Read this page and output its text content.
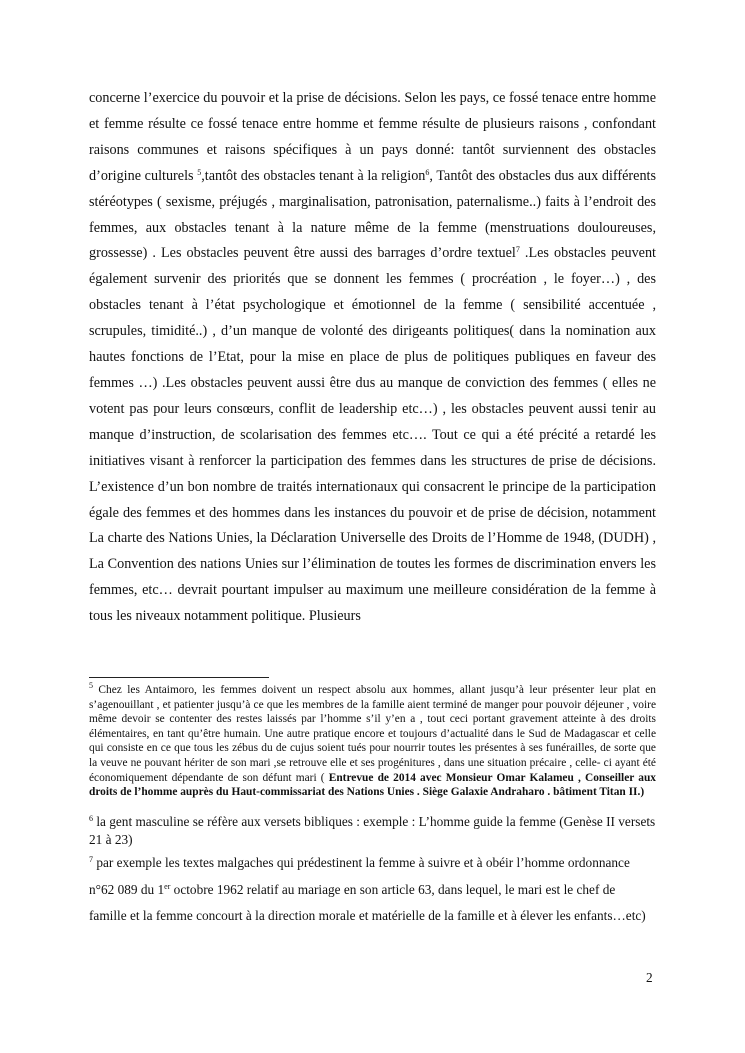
concerne l’exercice du pouvoir et la prise de décisions. Selon les pays, ce fossé tenace entre homme et femme résulte ce fossé tenace entre homme et femme résulte de plusieurs raisons , confondant raisons communes et raisons spécifiques à un pays donné: tantôt surviennent des obstacles d’origine culturels $^5$,tantôt des obstacles tenant à la religion$^6$, Tantôt des obstacles dus aux différents stéréotypes ( sexisme, préjugés , marginalisation, patronisation, paternalisme..) faits à l’endroit des femmes, aux obstacles tenant à la nature même de la femme (menstruations douloureuses, grossesse) . Les obstacles peuvent être aussi des barrages d’ordre textuel$^7$ .Les obstacles peuvent également survenir des priorités que se donnent les femmes ( procréation , le foyer…) , des obstacles tenant à l’état psychologique et émotionnel de la femme ( sensibilité accentuée , scrupules, timidité..) , d’un manque de volonté des dirigeants politiques( dans la nomination aux hautes fonctions de l’Etat, pour la mise en place de plus de politiques publiques en faveur des femmes …) .Les obstacles peuvent aussi être dus au manque de conviction des femmes ( elles ne votent pas pour leurs consœurs, conflit de leadership etc…) , les obstacles peuvent aussi tenir au manque d’instruction, de scolarisation des femmes etc…. Tout ce qui a été précité a retardé les initiatives visant à renforcer la participation des femmes dans les structures de prise de décisions. L’existence d’un bon nombre de traités internationaux qui consacrent le principe de la participation égale des femmes et des hommes dans les instances du pouvoir et de prise de décision, notamment La charte des Nations Unies, la Déclaration Universelle des Droits de l’Homme de 1948, (DUDH) , La Convention des nations Unies sur l’élimination de toutes les formes de discrimination envers les femmes, etc… devrait pourtant impulser au maximum une meilleure considération de la femme à tous les niveaux notamment politique. Plusieurs

$^5$ Chez les Antaimoro, les femmes doivent un respect absolu aux hommes, allant jusqu’à leur présenter leur plat en s’agenouillant , et patienter jusqu’à ce que les membres de la famille aient terminé de manger pour pouvoir déjeuner , voire même devoir se contenter des restes laissés par l’homme s’il y’en a , tout ceci portant gravement atteinte à des droits élémentaires, en tant qu’être humain. Une autre pratique encore et toujours d’actualité dans le Sud de Madagascar et celle qui consiste en ce que tous les zébus du de cujus soient tués pour nourrir toutes les présentes à ses funérailles, de sorte que la veuve ne pouvant hériter de son mari ,se retrouve elle et ses progénitures , dans une situation précaire , celle- ci ayant été économiquement dépendante de son défunt mari ( Entrevue de 2014 avec Monsieur Omar Kalameu , Conseiller aux droits de l’homme auprès du Haut-commissariat des Nations Unies . Siège Galaxie Andraharo . bâtiment Titan II.)

$^6$ la gent masculine se réfère aux versets bibliques : exemple : L’homme guide la femme (Genèse II versets 21 à 23)

$^7$ par exemple les textes malgaches qui prédestinent la femme à suivre et à obéir l’homme ordonnance n°62 089 du 1er octobre 1962 relatif au mariage en son article 63, dans lequel, le mari est le chef de famille et la femme concourt à la direction morale et matérielle de la famille et à élever les enfants…etc)

2
